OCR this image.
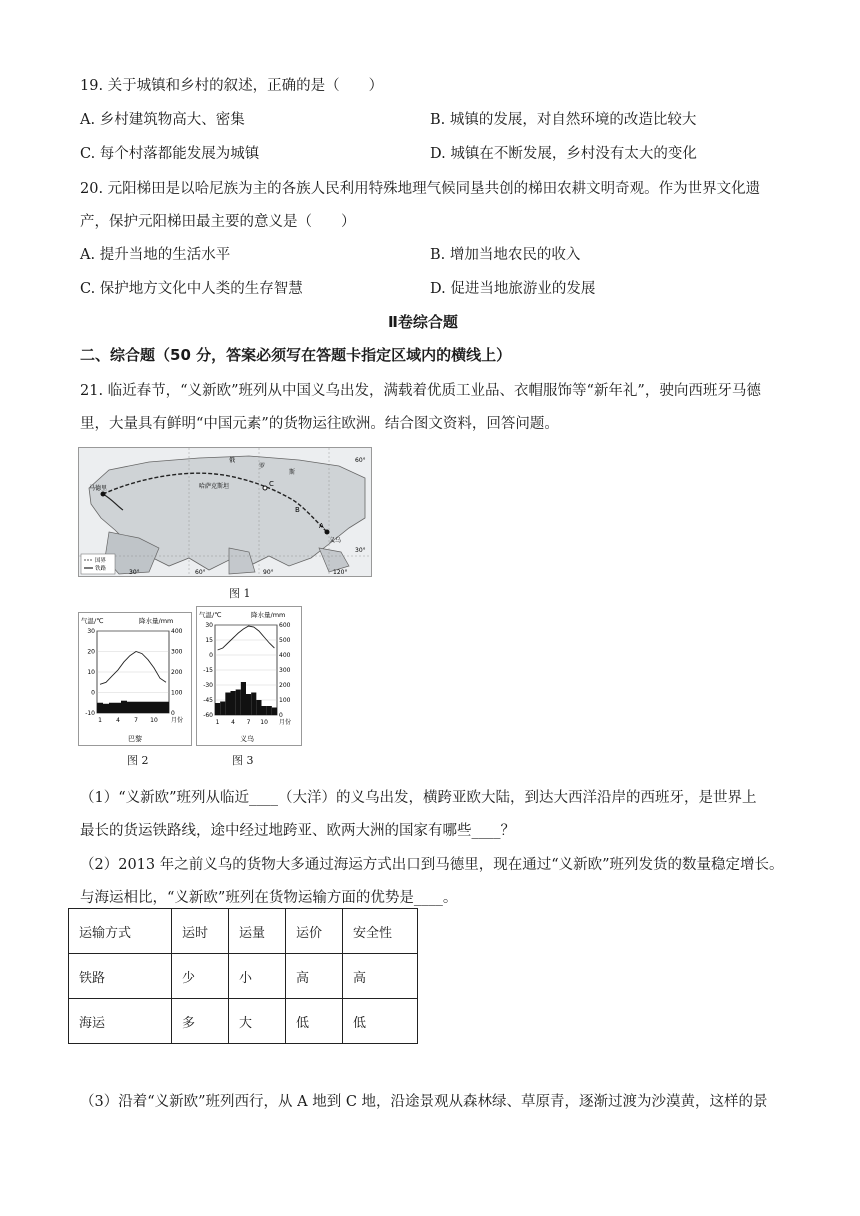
19. 关于城镇和乡村的叙述，正确的是（　　）
A. 乡村建筑物高大、密集	B. 城镇的发展，对自然环境的改造比较大
C. 每个村落都能发展为城镇	D. 城镇在不断发展，乡村没有太大的变化
20. 元阳梯田是以哈尼族为主的各族人民利用特殊地理气候同垦共创的梯田农耕文明奇观。作为世界文化遗
产，保护元阳梯田最主要的意义是（　　）
A. 提升当地的生活水平	B. 增加当地农民的收入
C. 保护地方文化中人类的生存智慧	D. 促进当地旅游业的发展
Ⅱ卷综合题
二、综合题（50 分，答案必须写在答题卡指定区域内的横线上）
21. 临近春节，“义新欧”班列从中国义乌出发，满载着优质工业品、衣帽服饰等“新年礼”，驶向西班牙马德
里，大量具有鲜明“中国元素”的货物运往欧洲。结合图文资料，回答问题。
国界
铁路
马德里
义乌
哈萨克斯坦
俄
罗
斯
A
B
C
60°
30°
30°	60°	90°	120°
图 1
气温/℃	降水量/mm
30
20
10
0
-10
400
300
200
100
0
1 4 7 10 月份
巴黎
图 2
气温/℃	降水量/mm
30
15
0
-15
-30
-45
-60
600
500
400
300
200
100
0
1 4 7 10 月份
义乌
图 3
（1）“义新欧”班列从临近____（大洋）的义乌出发，横跨亚欧大陆，到达大西洋沿岸的西班牙，是世界上
最长的货运铁路线，途中经过地跨亚、欧两大洲的国家有哪些____？
（2）2013 年之前义乌的货物大多通过海运方式出口到马德里，现在通过“义新欧”班列发货的数量稳定增长。
与海运相比，“义新欧”班列在货物运输方面的优势是____。
运输方式	运时	运量	运价	安全性
铁路	少	小	高	高
海运	多	大	低	低
（3）沿着“义新欧”班列西行，从 A 地到 C 地，沿途景观从森林绿、草原青，逐渐过渡为沙漠黄，这样的景
